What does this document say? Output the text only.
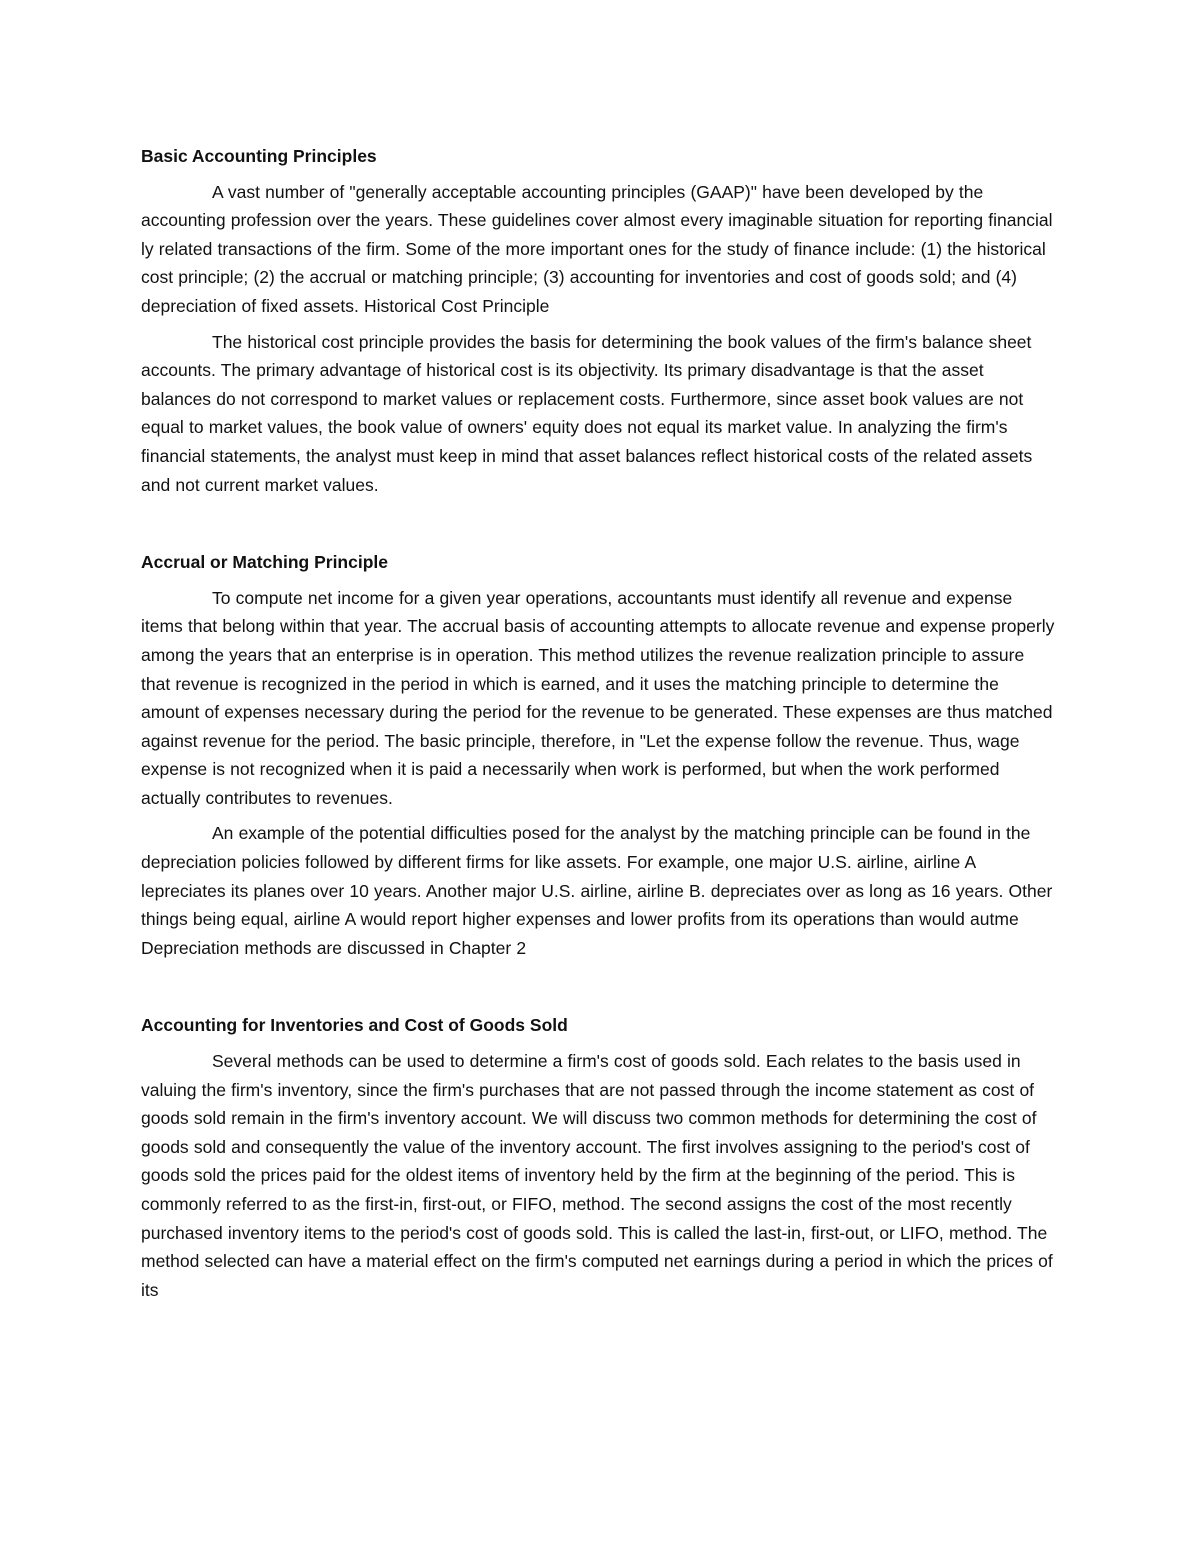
Basic Accounting Principles

A vast number of "generally acceptable accounting principles (GAAP)" have been developed by the accounting profession over the years. These guidelines cover almost every imaginable situation for reporting financial ly related transactions of the firm. Some of the more important ones for the study of finance include: (1) the historical cost principle; (2) the accrual or matching principle; (3) accounting for inventories and cost of goods sold; and (4) depreciation of fixed assets. Historical Cost Principle

The historical cost principle provides the basis for determining the book values of the firm's balance sheet accounts. The primary advantage of historical cost is its objectivity. Its primary disadvantage is that the asset balances do not correspond to market values or replacement costs. Furthermore, since asset book values are not equal to market values, the book value of owners' equity does not equal its market value. In analyzing the firm's financial statements, the analyst must keep in mind that asset balances reflect historical costs of the related assets and not current market values.

Accrual or Matching Principle

To compute net income for a given year operations, accountants must identify all revenue and expense items that belong within that year. The accrual basis of accounting attempts to allocate revenue and expense properly among the years that an enterprise is in operation. This method utilizes the revenue realization principle to assure that revenue is recognized in the period in which is earned, and it uses the matching principle to determine the amount of expenses necessary during the period for the revenue to be generated. These expenses are thus matched against revenue for the period. The basic principle, therefore, in "Let the expense follow the revenue. Thus, wage expense is not recognized when it is paid a necessarily when work is performed, but when the work performed actually contributes to revenues.

An example of the potential difficulties posed for the analyst by the matching principle can be found in the depreciation policies followed by different firms for like assets. For example, one major U.S. airline, airline A lepreciates its planes over 10 years. Another major U.S. airline, airline B. depreciates over as long as 16 years. Other things being equal, airline A would report higher expenses and lower profits from its operations than would autme Depreciation methods are discussed in Chapter 2

Accounting for Inventories and Cost of Goods Sold

Several methods can be used to determine a firm's cost of goods sold. Each relates to the basis used in valuing the firm's inventory, since the firm's purchases that are not passed through the income statement as cost of goods sold remain in the firm's inventory account. We will discuss two common methods for determining the cost of goods sold and consequently the value of the inventory account. The first involves assigning to the period's cost of goods sold the prices paid for the oldest items of inventory held by the firm at the beginning of the period. This is commonly referred to as the first-in, first-out, or FIFO, method. The second assigns the cost of the most recently purchased inventory items to the period's cost of goods sold. This is called the last-in, first-out, or LIFO, method. The method selected can have a material effect on the firm's computed net earnings during a period in which the prices of its
